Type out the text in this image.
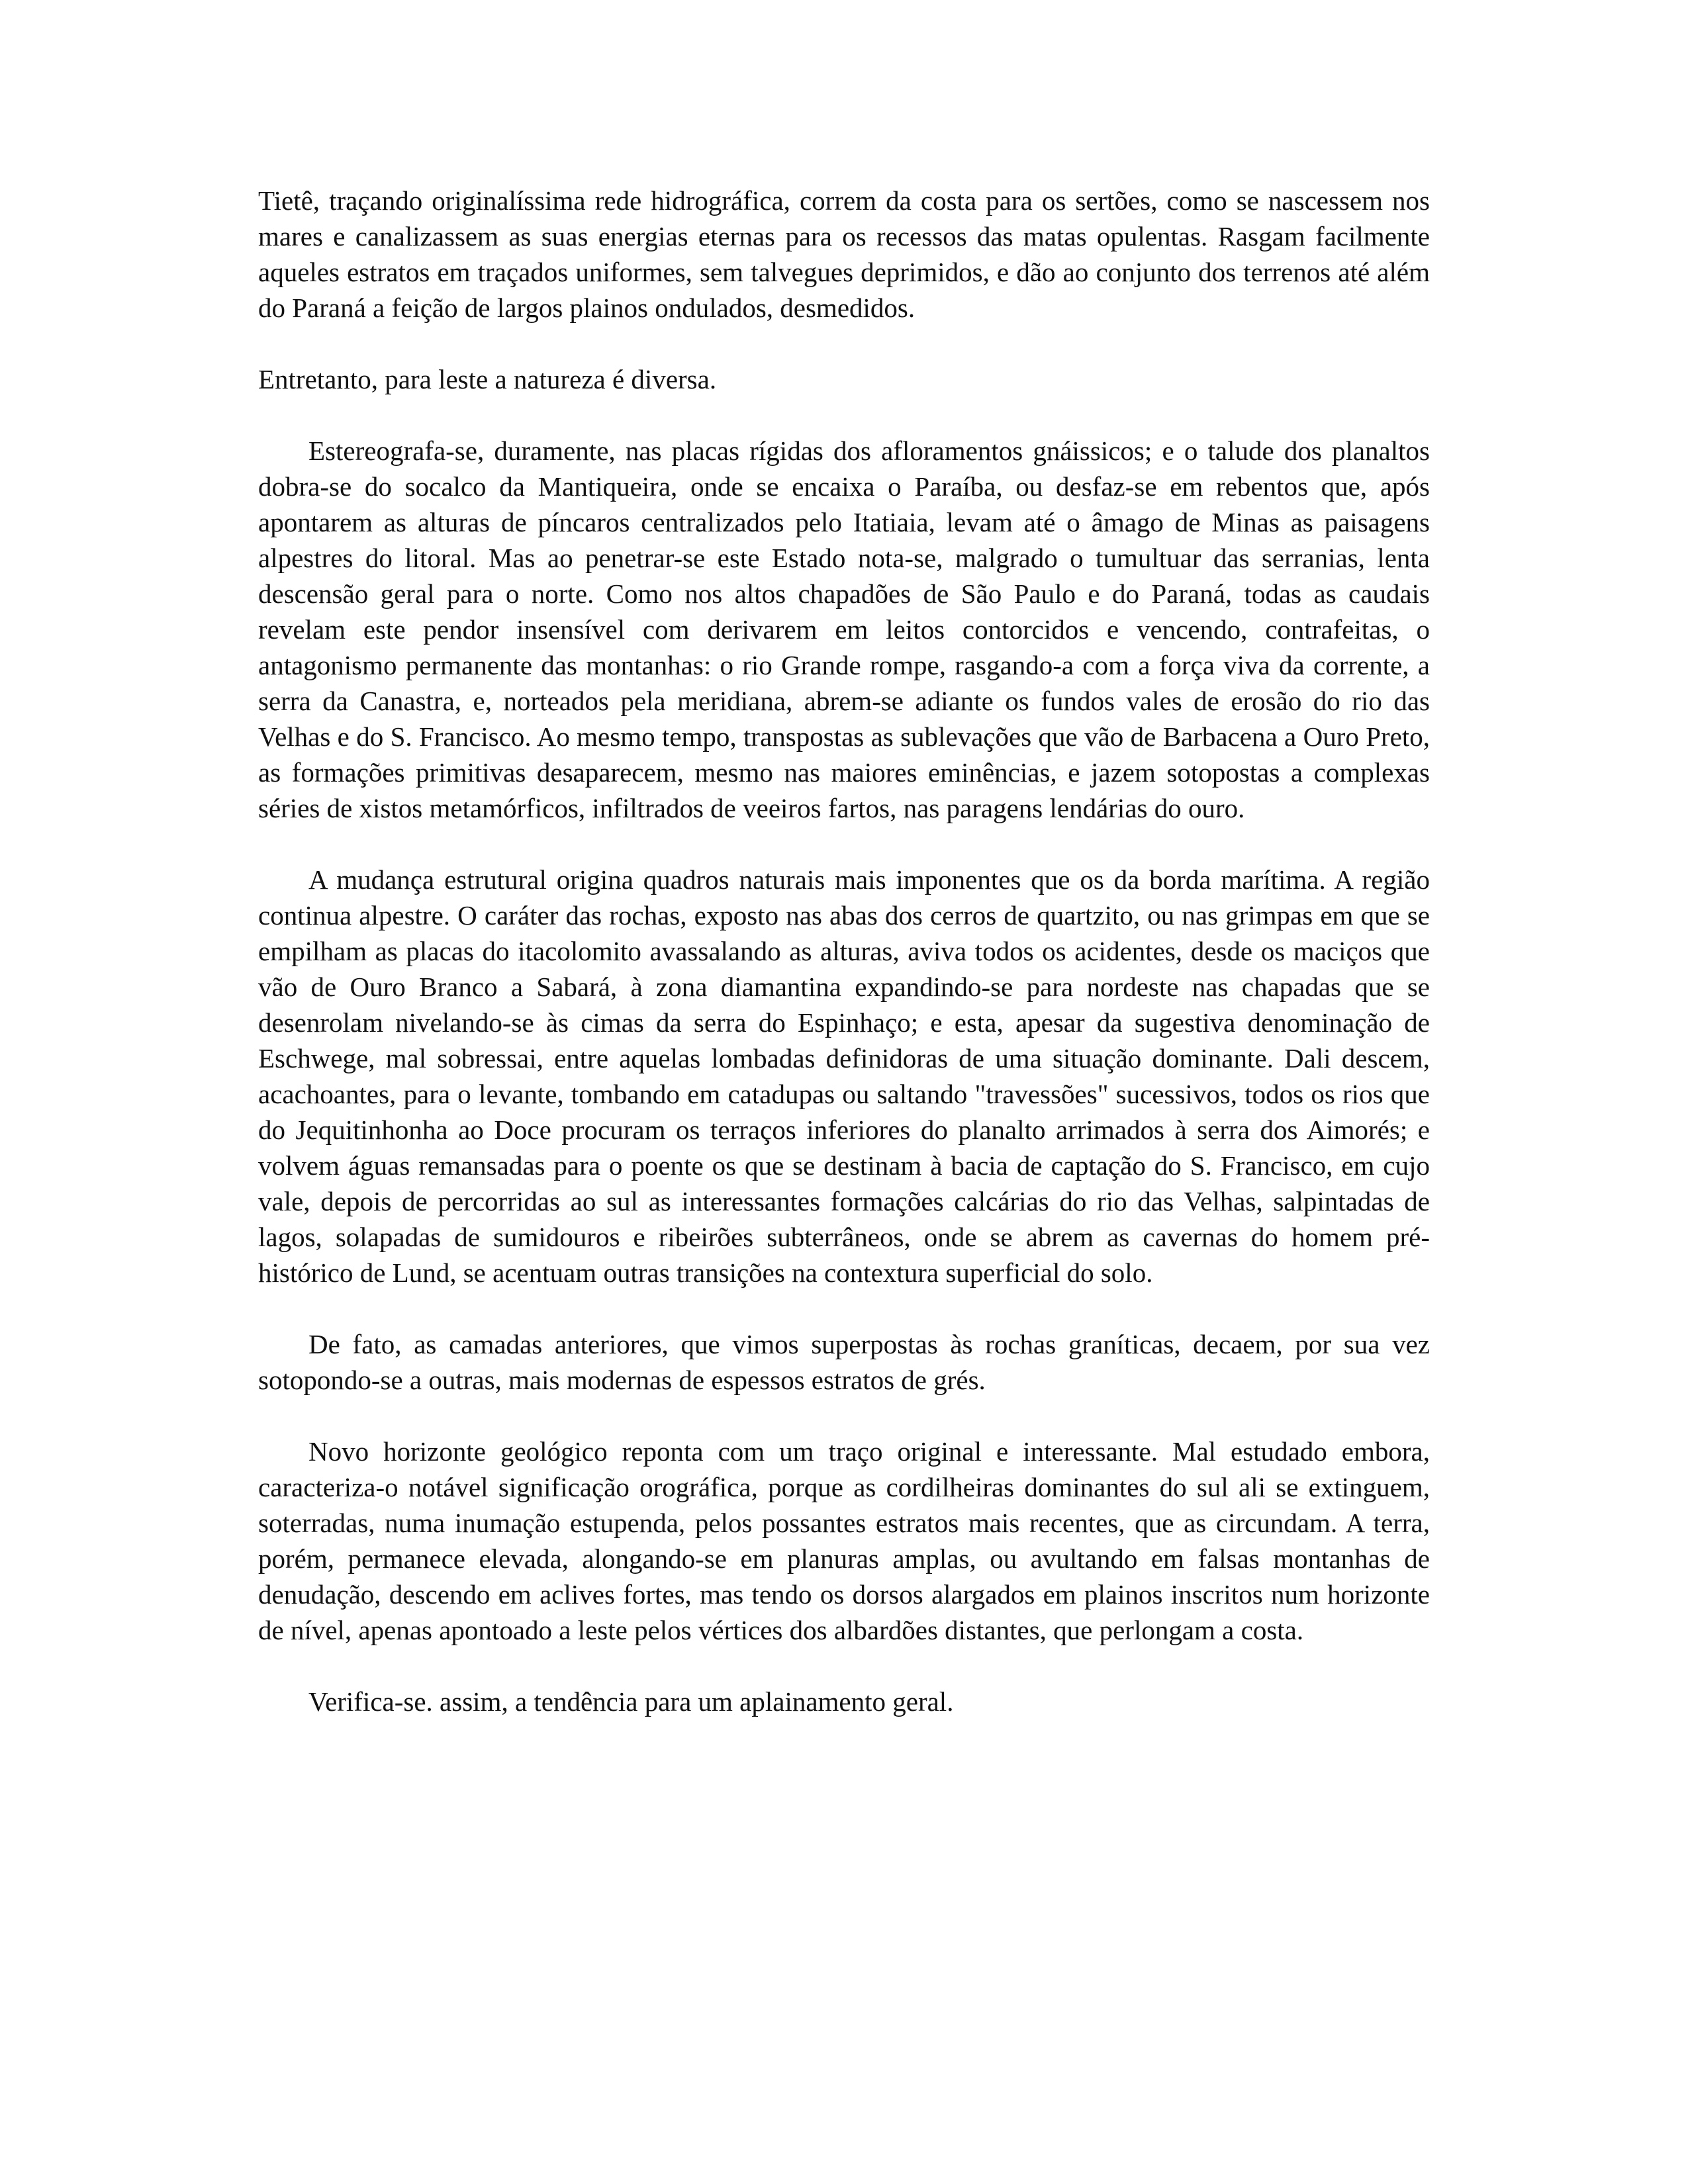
Tietê, traçando originalíssima rede hidrográfica, correm da costa para os sertões, como se nascessem nos mares e canalizassem as suas energias eternas para os recessos das matas opulentas. Rasgam facilmente aqueles estratos em traçados uniformes, sem talvegues deprimidos, e dão ao conjunto dos terrenos até além do Paraná a feição de largos plainos ondulados, desmedidos.

Entretanto, para leste a natureza é diversa.

Estereografa-se, duramente, nas placas rígidas dos afloramentos gnáissicos; e o talude dos planaltos dobra-se do socalco da Mantiqueira, onde se encaixa o Paraíba, ou desfaz-se em rebentos que, após apontarem as alturas de píncaros centralizados pelo Itatiaia, levam até o âmago de Minas as paisagens alpestres do litoral. Mas ao penetrar-se este Estado nota-se, malgrado o tumultuar das serranias, lenta descensão geral para o norte. Como nos altos chapadões de São Paulo e do Paraná, todas as caudais revelam este pendor insensível com derivarem em leitos contorcidos e vencendo, contrafeitas, o antagonismo permanente das montanhas: o rio Grande rompe, rasgando-a com a força viva da corrente, a serra da Canastra, e, norteados pela meridiana, abrem-se adiante os fundos vales de erosão do rio das Velhas e do S. Francisco. Ao mesmo tempo, transpostas as sublevações que vão de Barbacena a Ouro Preto, as formações primitivas desaparecem, mesmo nas maiores eminências, e jazem sotopostas a complexas séries de xistos metamórficos, infiltrados de veeiros fartos, nas paragens lendárias do ouro.

A mudança estrutural origina quadros naturais mais imponentes que os da borda marítima. A região continua alpestre. O caráter das rochas, exposto nas abas dos cerros de quartzito, ou nas grimpas em que se empilham as placas do itacolomito avassalando as alturas, aviva todos os acidentes, desde os maciços que vão de Ouro Branco a Sabará, à zona diamantina expandindo-se para nordeste nas chapadas que se desenrolam nivelando-se às cimas da serra do Espinhaço; e esta, apesar da sugestiva denominação de Eschwege, mal sobressai, entre aquelas lombadas definidoras de uma situação dominante. Dali descem, acachoantes, para o levante, tombando em catadupas ou saltando "travessões" sucessivos, todos os rios que do Jequitinhonha ao Doce procuram os terraços inferiores do planalto arrimados à serra dos Aimorés; e volvem águas remansadas para o poente os que se destinam à bacia de captação do S. Francisco, em cujo vale, depois de percorridas ao sul as interessantes formações calcárias do rio das Velhas, salpintadas de lagos, solapadas de sumidouros e ribeirões subterrâneos, onde se abrem as cavernas do homem pré-histórico de Lund, se acentuam outras transições na contextura superficial do solo.

De fato, as camadas anteriores, que vimos superpostas às rochas graníticas, decaem, por sua vez sotopondo-se a outras, mais modernas de espessos estratos de grés.

Novo horizonte geológico reponta com um traço original e interessante. Mal estudado embora, caracteriza-o notável significação orográfica, porque as cordilheiras dominantes do sul ali se extinguem, soterradas, numa inumação estupenda, pelos possantes estratos mais recentes, que as circundam. A terra, porém, permanece elevada, alongando-se em planuras amplas, ou avultando em falsas montanhas de denudação, descendo em aclives fortes, mas tendo os dorsos alargados em plainos inscritos num horizonte de nível, apenas apontoado a leste pelos vértices dos albardões distantes, que perlongam a costa.

Verifica-se. assim, a tendência para um aplainamento geral.
